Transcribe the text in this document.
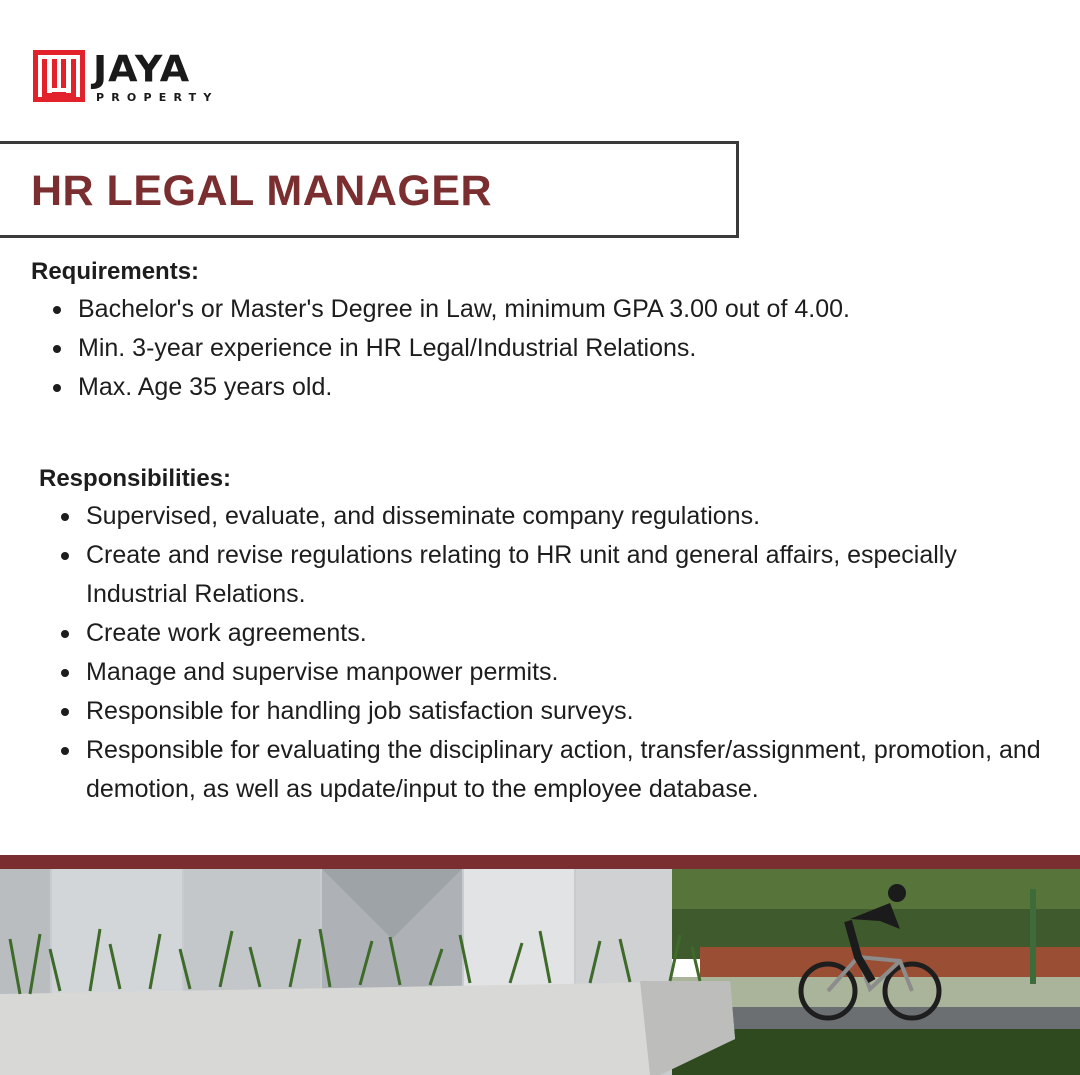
JAYA
PROPERTY
HR LEGAL MANAGER

Requirements:

Bachelor's or Master's Degree in Law, minimum GPA 3.00 out of 4.00.
Min. 3-year experience in HR Legal/Industrial Relations.
Max. Age 35 years old.

Responsibilities:

Supervised, evaluate, and disseminate company regulations.
Create and revise regulations relating to HR unit and general affairs, especially Industrial Relations.
Create work agreements.
Manage and supervise manpower permits.
Responsible for handling job satisfaction surveys.
Responsible for evaluating the disciplinary action, transfer/assignment, promotion, and demotion, as well as update/input to the employee database.
